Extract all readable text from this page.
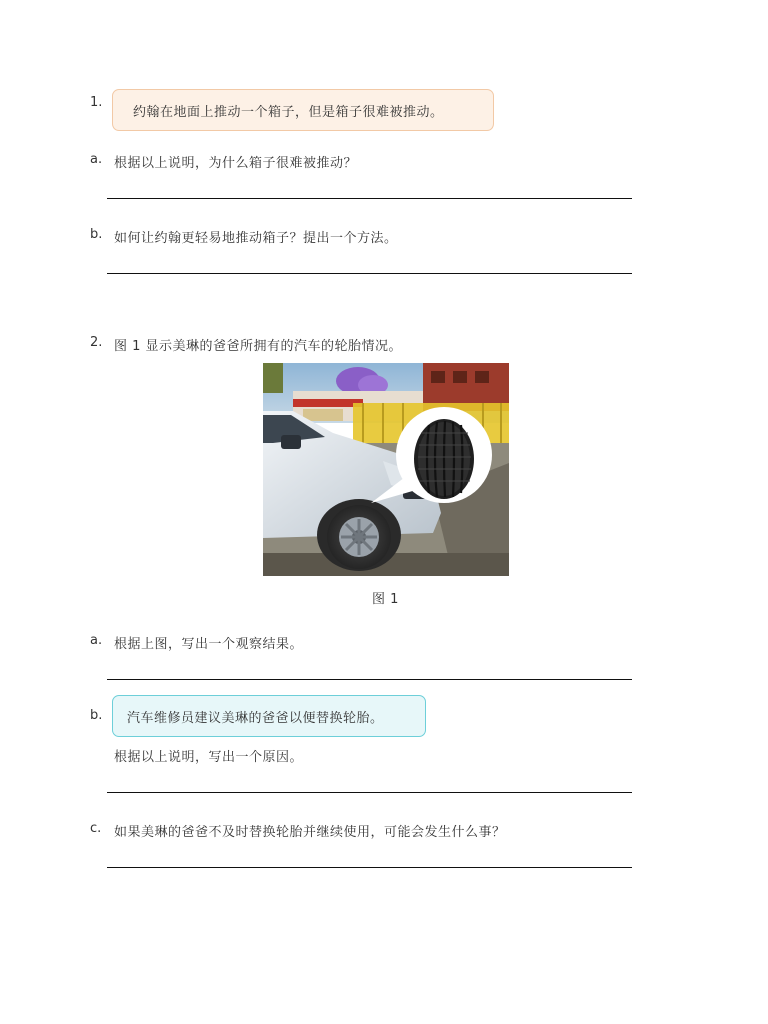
1.
约翰在地面上推动一个箱子，但是箱子很难被推动。
a. 根据以上说明，为什么箱子很难被推动？
b. 如何让约翰更轻易地推动箱子？提出一个方法。
2. 图 1 显示美琳的爸爸所拥有的汽车的轮胎情况。
图 1
a. 根据上图，写出一个观察结果。
b. 汽车维修员建议美琳的爸爸以便替换轮胎。
根据以上说明，写出一个原因。
c. 如果美琳的爸爸不及时替换轮胎并继续使用，可能会发生什么事？
